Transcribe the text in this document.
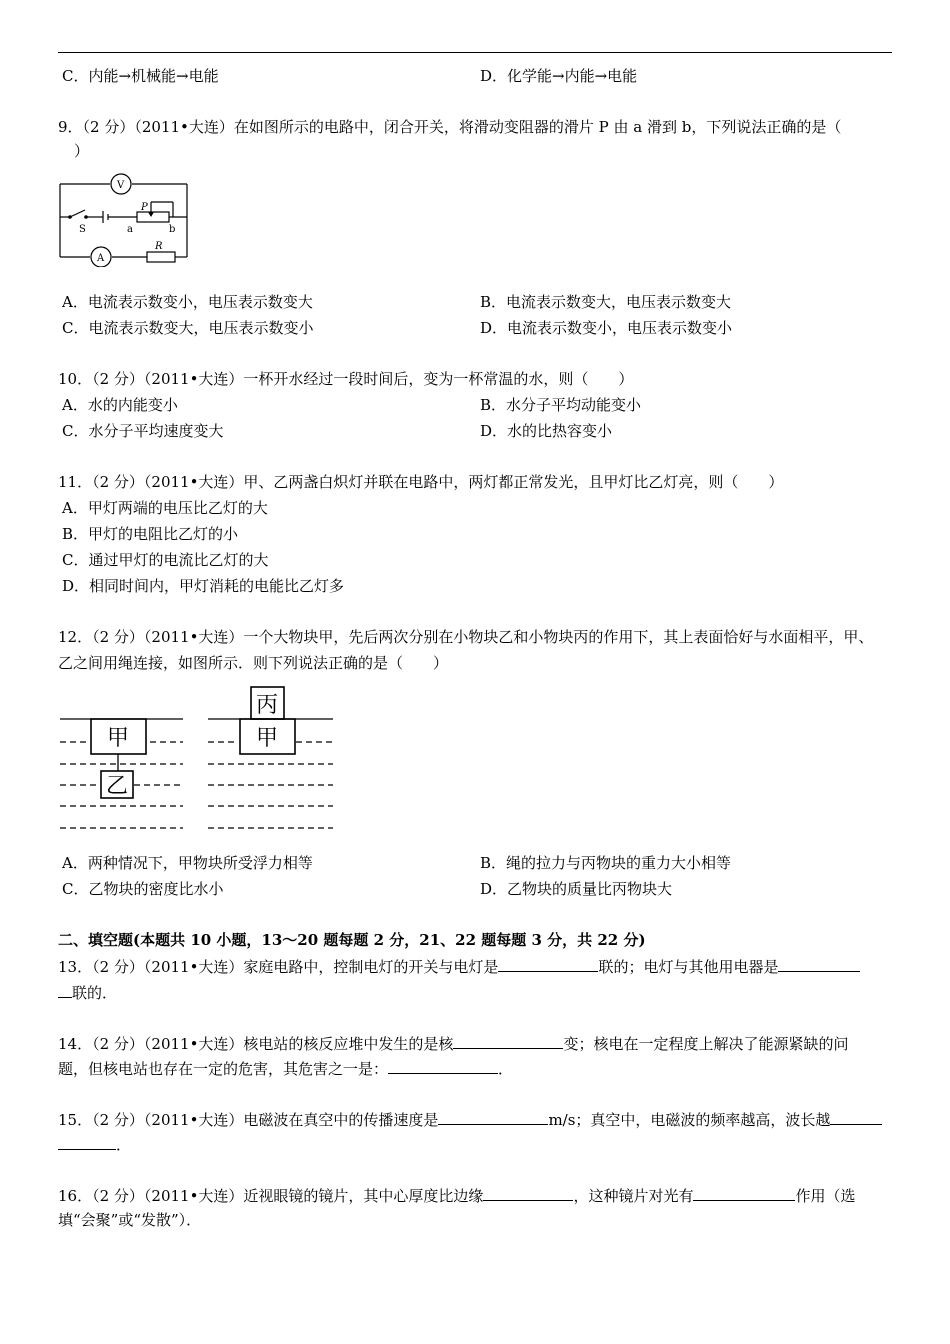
C．内能→机械能→电能	D．化学能→内能→电能
9．（2 分）（2011•大连）在如图所示的电路中，闭合开关，将滑动变阻器的滑片 P 由 a 滑到 b，下列说法正确的是（
）
V
A
P
S	a	b
R
A．电流表示数变小，电压表示数变大	B．电流表示数变大，电压表示数变大
C．电流表示数变大，电压表示数变小	D．电流表示数变小，电压表示数变小
10．（2 分）（2011•大连）一杯开水经过一段时间后，变为一杯常温的水，则（　　）
A．水的内能变小	B．水分子平均动能变小
C．水分子平均速度变大	D．水的比热容变小
11．（2 分）（2011•大连）甲、乙两盏白炽灯并联在电路中，两灯都正常发光，且甲灯比乙灯亮，则（　　）
A．甲灯两端的电压比乙灯的大
B．甲灯的电阻比乙灯的小
C．通过甲灯的电流比乙灯的大
D．相同时间内，甲灯消耗的电能比乙灯多
12．（2 分）（2011•大连）一个大物块甲，先后两次分别在小物块乙和小物块丙的作用下，其上表面恰好与水面相平，甲、
乙之间用绳连接，如图所示．则下列说法正确的是（　　）
甲
乙
甲
丙
A．两种情况下，甲物块所受浮力相等	B．绳的拉力与丙物块的重力大小相等
C．乙物块的密度比水小	D．乙物块的质量比丙物块大
二、填空题(本题共 10 小题，13～20 题每题 2 分，21、22 题每题 3 分，共 22 分)
13．（2 分）（2011•大连）家庭电路中，控制电灯的开关与电灯是	联的；电灯与其他用电器是
联的．
14．（2 分）（2011•大连）核电站的核反应堆中发生的是核	变；核电在一定程度上解决了能源紧缺的问
题，但核电站也存在一定的危害，其危害之一是：	．
15．（2 分）（2011•大连）电磁波在真空中的传播速度是	m/s；真空中，电磁波的频率越高，波长越
．
16．（2 分）（2011•大连）近视眼镜的镜片，其中心厚度比边缘	，这种镜片对光有	作用（选
填“会聚”或“发散”）．
